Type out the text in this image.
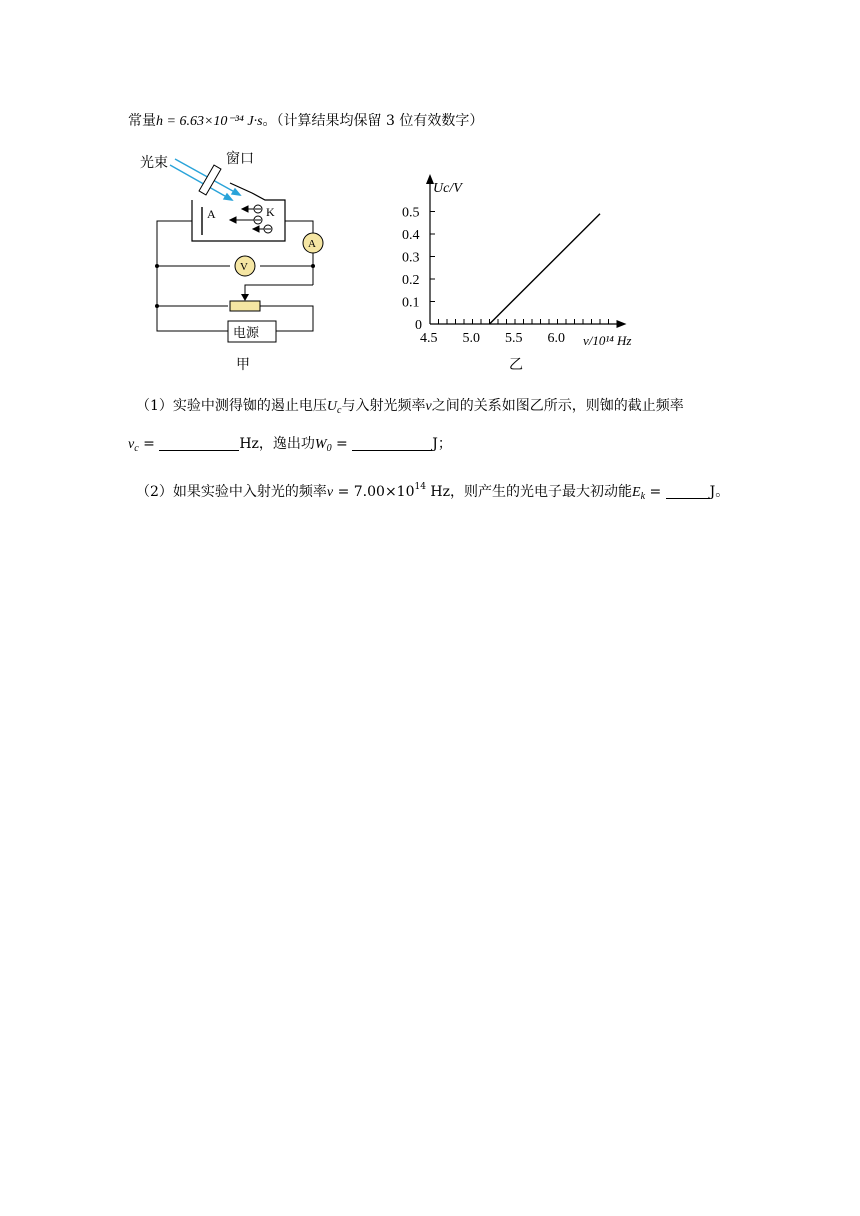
常量h = 6.63×10⁻³⁴ J·s。（计算结果均保留 3 位有效数字）
光束	窗口
A	K
A
V
电源
甲
4.5 5.0 5.5 6.0
0
0.1
0.2
0.3
0.4
0.5
Uc/V
ν/10¹⁴ Hz
乙
（1）实验中测得铷的遏止电压$U_c$与入射光频率ν之间的关系如图乙所示，则铷的截止频率
$\nu_c$ =	Hz，逸出功$W_0$ =	J；
（2）如果实验中入射光的频率$\nu = 7.00\times 10^{14}$ Hz，则产生的光电子最大初动能$E_k$ =	J。
